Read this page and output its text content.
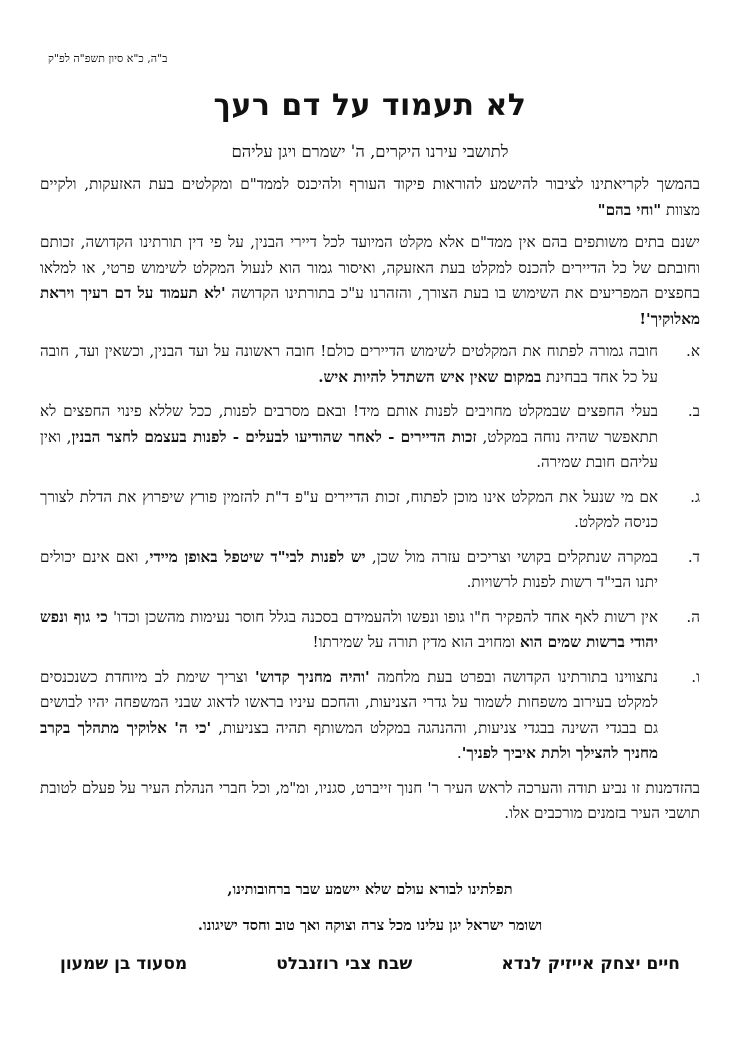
ב"ה, כ"א סיון תשפ"ה לפ"ק
לא תעמוד על דם רעך
לתושבי עירנו היקרים, ה' ישמרם ויגן עליהם

בהמשך לקריאתינו לציבור להישמע להוראות פיקוד העורף ולהיכנס לממד"ם ומקלטים בעת האזעקות, ולקיים מצוות "וחי בהם"

ישנם בתים משותפים בהם אין ממד"ם אלא מקלט המיועד לכל דיירי הבנין, על פי דין תורתינו הקדושה, זכותם וחובתם של כל הדיירים להכנס למקלט בעת האזעקה, ואיסור גמור הוא לנעול המקלט לשימוש פרטי, או למלאו בחפצים המפריעים את השימוש בו בעת הצורך, והזהרנו ע"כ בתורתינו הקדושה 'לא תעמוד על דם רעיך ויראת מאלוקיך'!

א.
חובה גמורה לפתוח את המקלטים לשימוש הדיירים כולם! חובה ראשונה על ועד הבנין, וכשאין ועד, חובה על כל אחד בבחינת במקום שאין איש השתדל להיות איש.
ב.
בעלי החפצים שבמקלט מחויבים לפנות אותם מיד! ובאם מסרבים לפנות, ככל שללא פינוי החפצים לא תתאפשר שהיה נוחה במקלט, זכות הדיירים - לאחר שהודיעו לבעלים - לפנות בעצמם לחצר הבנין, ואין עליהם חובת שמירה.
ג.
אם מי שנעל את המקלט אינו מוכן לפתוח, זכות הדיירים ע"פ ד"ת להזמין פורץ שיפרוץ את הדלת לצורך כניסה למקלט.
ד.
במקרה שנתקלים בקושי וצריכים עזרה מול שכן, יש לפנות לבי"ד שיטפל באופן מיידי, ואם אינם יכולים יתנו הבי"ד רשות לפנות לרשויות.
ה.
אין רשות לאף אחד להפקיר ח"ו גופו ונפשו ולהעמידם בסכנה בגלל חוסר נעימות מהשכן וכדו' כי גוף ונפש יהודי ברשות שמים הוא ומחויב הוא מדין תורה על שמירתו!
ו.
נתצווינו בתורתינו הקדושה ובפרט בעת מלחמה 'והיה מחניך קדוש' וצריך שימת לב מיוחדת כשנכנסים למקלט בעירוב משפחות לשמור על גדרי הצניעות, והחכם עיניו בראשו לדאוג שבני המשפחה יהיו לבושים גם בבגדי השינה בבגדי צניעות, וההנהגה במקלט המשותף תהיה בצניעות, 'כי ה' אלוקיך מתהלך בקרב מחניך להצילך ולתת איביך לפניך'.

בהזדמנות זו נביע תודה והערכה לראש העיר ר' חנוך זייברט, סגניו, ומ"מ, וכל חברי הנהלת העיר על פעלם לטובת תושבי העיר בזמנים מורכבים אלו.

תפלתינו לבורא עולם שלא יישמע שבר ברחובותינו,
ושומר ישראל יגן עלינו מכל צרה וצוקה ואך טוב וחסד ישיגונו.
חיים יצחק אייזיק לנדא
שבח צבי רוזנבלט
מסעוד בן שמעון
